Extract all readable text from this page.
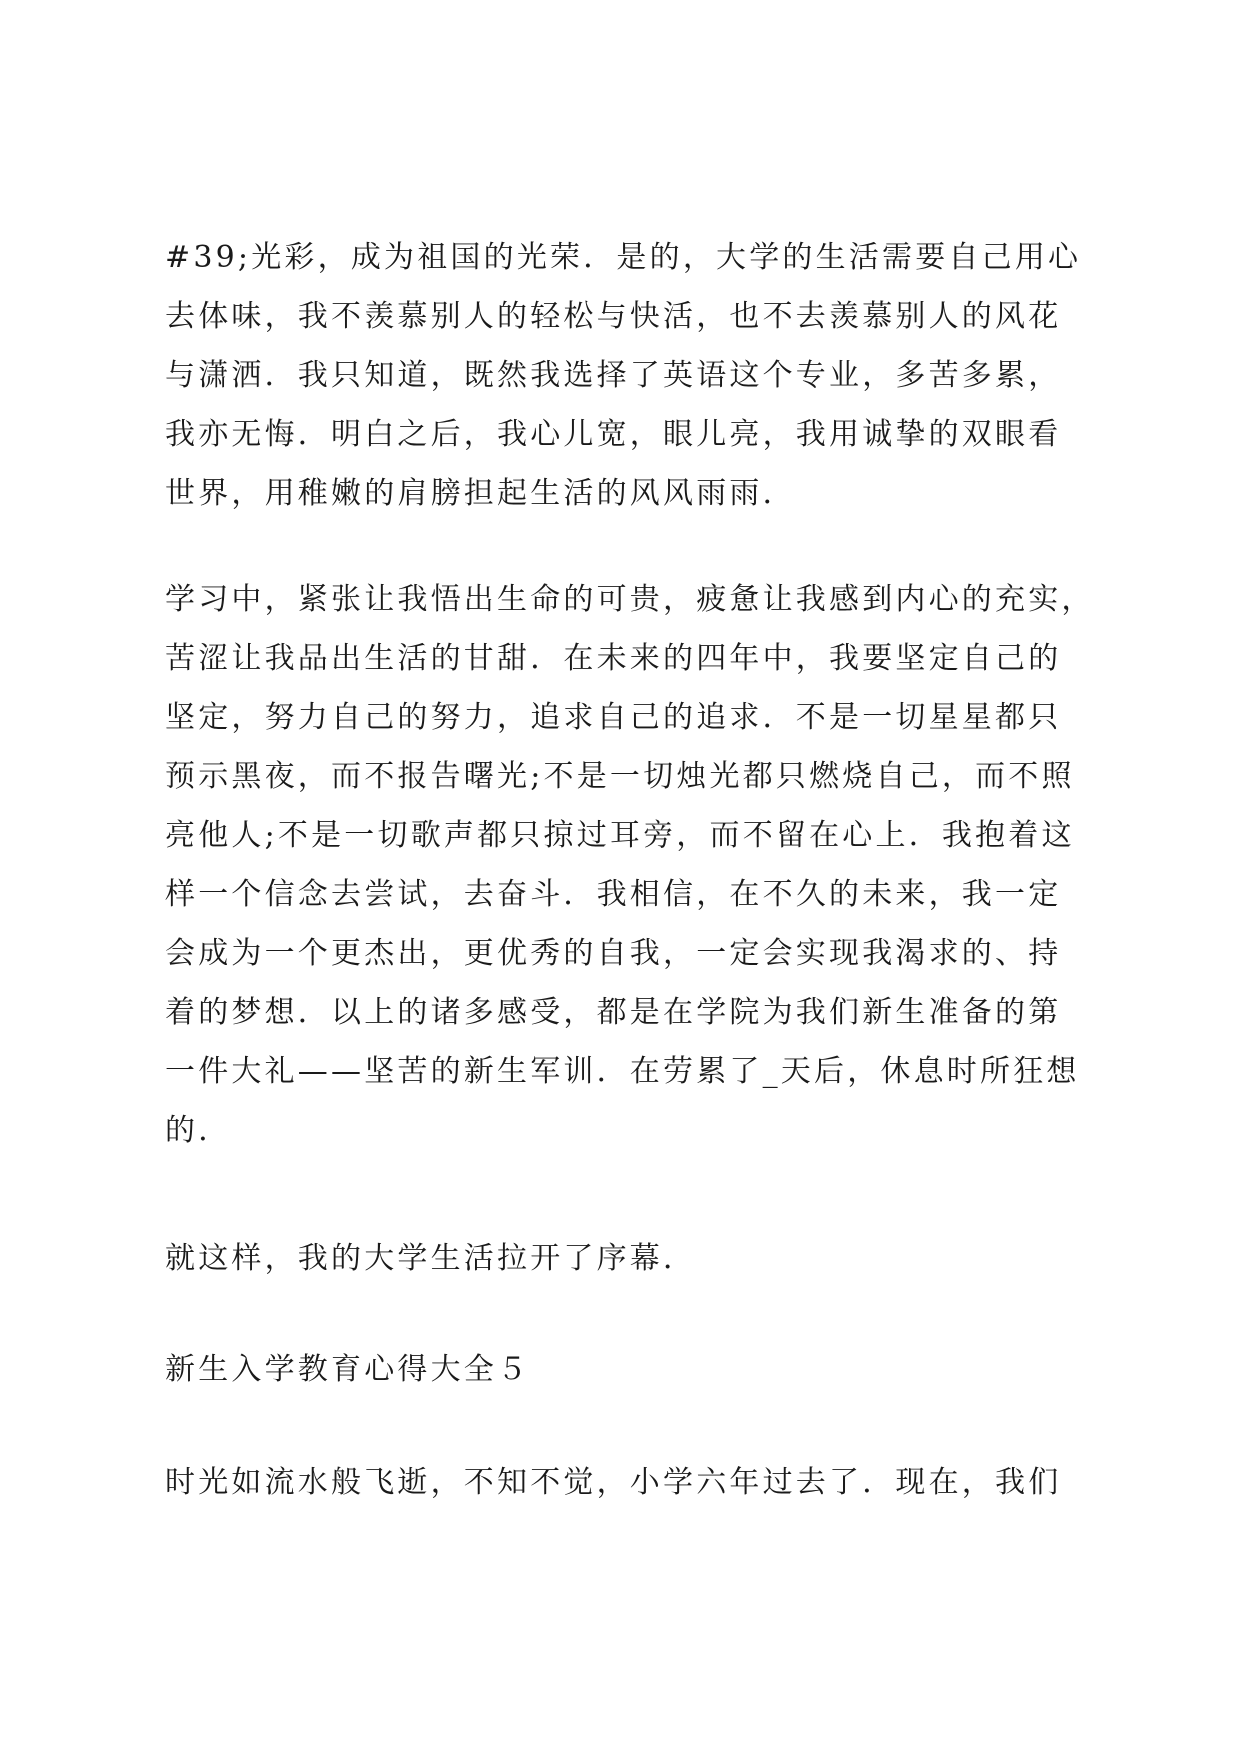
#39;光彩，成为祖国的光荣．是的，大学的生活需要自己用心
去体味，我不羡慕别人的轻松与快活，也不去羡慕别人的风花
与潇洒．我只知道，既然我选择了英语这个专业，多苦多累，
我亦无悔．明白之后，我心儿宽，眼儿亮，我用诚挚的双眼看
世界，用稚嫩的肩膀担起生活的风风雨雨．

学习中，紧张让我悟出生命的可贵，疲惫让我感到内心的充实，
苦涩让我品出生活的甘甜．在未来的四年中，我要坚定自己的
坚定，努力自己的努力，追求自己的追求．不是一切星星都只
预示黑夜，而不报告曙光;不是一切烛光都只燃烧自己，而不照
亮他人;不是一切歌声都只掠过耳旁，而不留在心上．我抱着这
样一个信念去尝试，去奋斗．我相信，在不久的未来，我一定
会成为一个更杰出，更优秀的自我，一定会实现我渴求的、持
着的梦想．以上的诸多感受，都是在学院为我们新生准备的第
一件大礼——坚苦的新生军训．在劳累了_天后，休息时所狂想
的．

就这样，我的大学生活拉开了序幕．

新生入学教育心得大全５

时光如流水般飞逝，不知不觉，小学六年过去了．现在，我们
